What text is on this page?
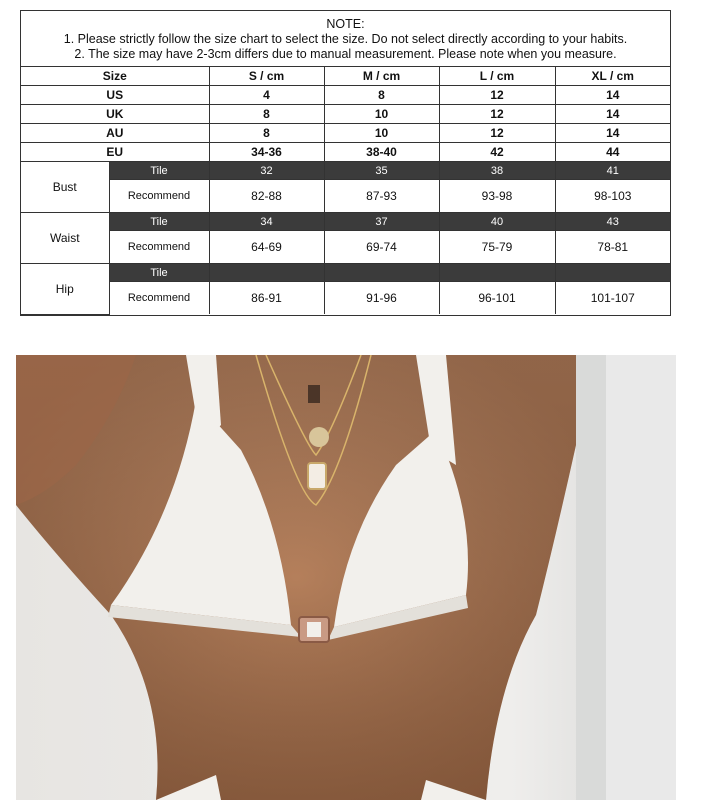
NOTE:
1. Please strictly follow the size chart to select the size. Do not select directly according to your habits.
2. The size may have 2-3cm differs due to manual measurement. Please note when you measure.
Size	S / cm	M / cm	L / cm	XL / cm
US	4	8	12	14
UK	8	10	12	14
AU	8	10	12	14
EU	34-36	38-40	42	44
Bust	Tile	32	35	38	41
	Recommend	82-88	87-93	93-98	98-103
Waist	Tile	34	37	40	43
	Recommend	64-69	69-74	75-79	78-81
Hip	Tile				
	Recommend	86-91	91-96	96-101	101-107
